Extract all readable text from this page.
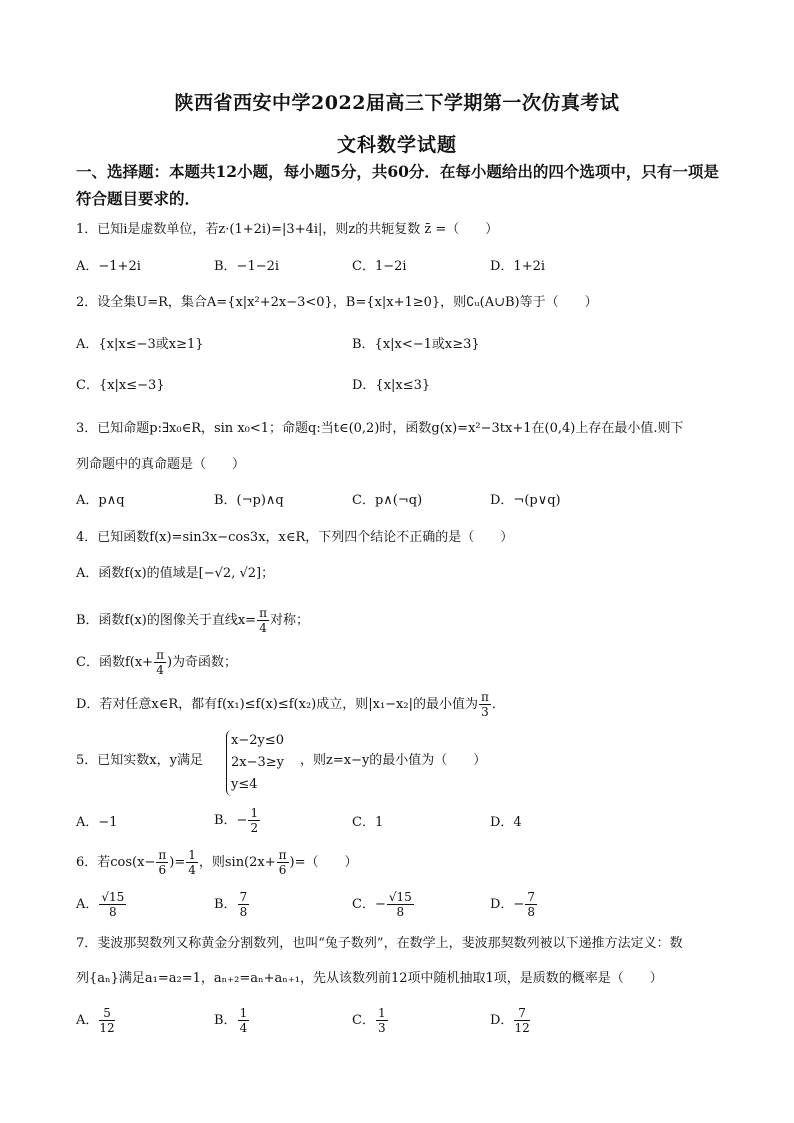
陕西省西安中学2022届高三下学期第一次仿真考试
文科数学试题
一、选择题：本题共12小题，每小题5分，共60分．在每小题给出的四个选项中，只有一项是符合题目要求的．
1．已知i是虚数单位，若z·(1+2i)=|3+4i|，则z的共轭复数 z̄ =（　　）
A．−1+2i	B．−1−2i	C．1−2i	D．1+2i
2．设全集U=R，集合A={x|x²+2x−3<0}，B={x|x+1≥0}，则∁ᵤ(A∪B)等于（　　）
A．{x|x≤−3或x≥1}	B．{x|x<−1或x≥3}
C．{x|x≤−3}	D．{x|x≤3}
3．已知命题p:∃x₀∈R，sin x₀<1；命题q:当t∈(0,2)时，函数g(x)=x²−3tx+1在(0,4)上存在最小值.则下
列命题中的真命题是（　　）
A．p∧q	B．(¬p)∧q	C．p∧(¬q)	D．¬(p∨q)
4．已知函数f(x)=sin3x−cos3x，x∈R，下列四个结论不正确的是（　　）
A．函数f(x)的值域是[−√2, √2]；
B．函数f(x)的图像关于直线$x= \frac{\pi}{4}$ 对称；
C．函数$f(x+ \frac{\pi}{4}$ )为奇函数；
D．若对任意x∈R，都有f(x₁)≤f(x)≤f(x₂)成立，则|x₁−x₂|的最小值为 $\frac{\pi}{3}$ ．
5．已知实数x，y满足
x−2y≤0
2x−3≥y
y≤4
，则z=x−y的最小值为（　　）
A．−1	B．− $\frac{1}{2}$	C．1	D．4
6．若$\cos(x- \frac{\pi}{6}$ )= $\frac{1}{4}$ ，则$\sin(2x+ \frac{\pi}{6}$ )=（　　）
A． $\frac{√15}{8}$	B． $\frac{7}{8}$	C．− $\frac{√15}{8}$	D．− $\frac{7}{8}$
7．斐波那契数列又称黄金分割数列，也叫“兔子数列”，在数学上，斐波那契数列被以下递推方法定义：数
列{aₙ}满足a₁=a₂=1，aₙ₊₂=aₙ+aₙ₊₁，先从该数列前12项中随机抽取1项，是质数的概率是（　　）
A． $\frac{5}{12}$	B． $\frac{1}{4}$	C． $\frac{1}{3}$	D． $\frac{7}{12}$
